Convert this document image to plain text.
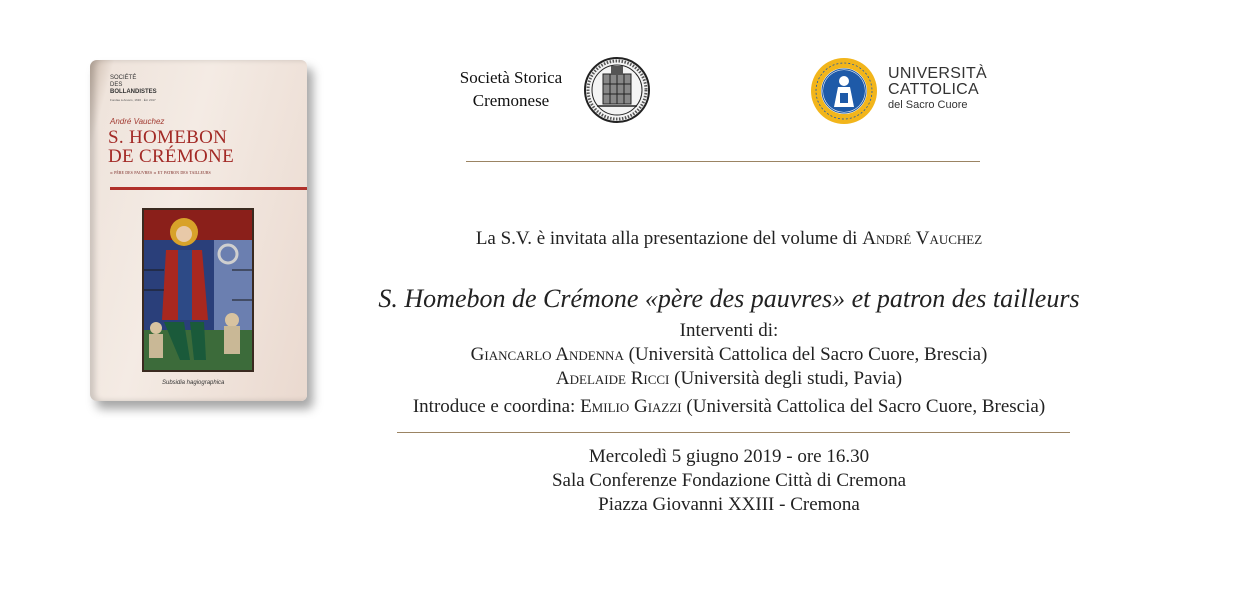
SOCIÉTÉ
DES
BOLLANDISTES
Fondée à Anvers, 1630 · Éd. 2017
André Vauchez
S. HOMEBON
DE CRÉMONE
« père des pauvres » et patron des tailleurs
Subsidia hagiographica
Società Storica
Cremonese
UNIVERSITÀ
CATTOLICA
del Sacro Cuore
La S.V. è invitata alla presentazione del volume di André Vauchez
S. Homebon de Crémone «père des pauvres» et patron des tailleurs
Interventi di:
Giancarlo Andenna (Università Cattolica del Sacro Cuore, Brescia)
Adelaide Ricci (Università degli studi, Pavia)
Introduce e coordina: Emilio Giazzi (Università Cattolica del Sacro Cuore, Brescia)
Mercoledì 5 giugno 2019 - ore 16.30
Sala Conferenze Fondazione Città di Cremona
Piazza Giovanni XXIII - Cremona
